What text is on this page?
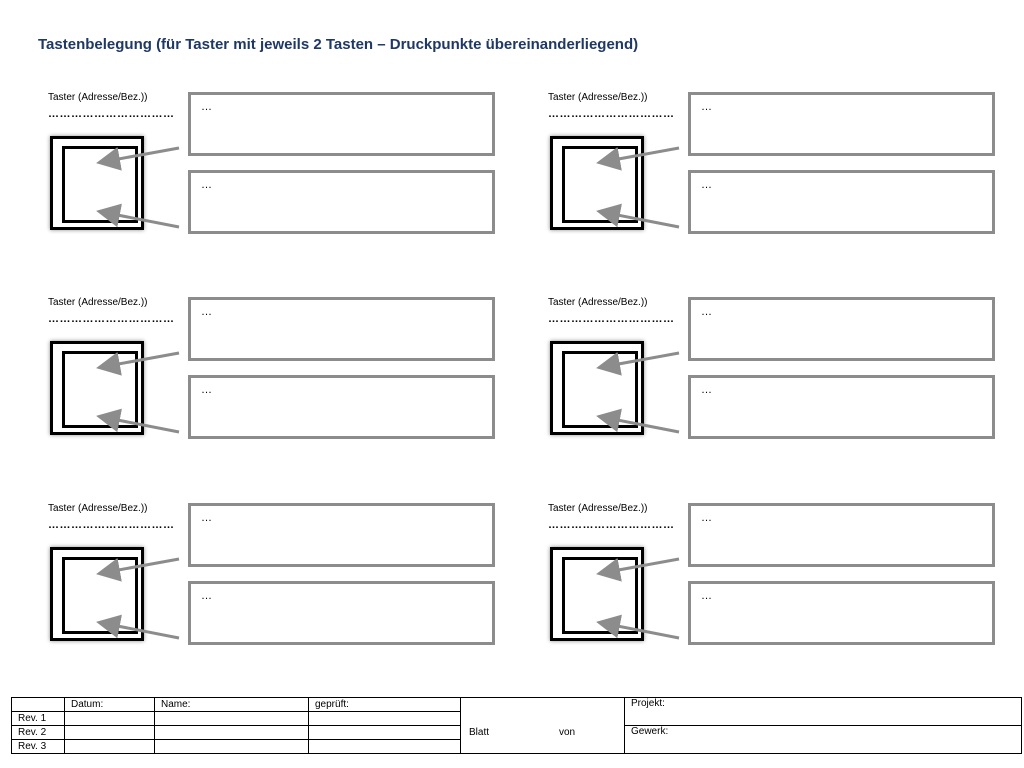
Tastenbelegung (für Taster mit jeweils 2 Tasten – Druckpunkte übereinanderliegend)
Taster (Adresse/Bez.))
……………………………
…
…
Taster (Adresse/Bez.))
……………………………
…
…
Taster (Adresse/Bez.))
……………………………
…
…
Taster (Adresse/Bez.))
……………………………
…
…
Taster (Adresse/Bez.))
……………………………
…
…
Taster (Adresse/Bez.))
……………………………
…
…
	Datum:	Name:	geprüft:	Blatt von	Projekt:
Rev. 1					
Rev. 2					Gewerk:
Rev. 3					
